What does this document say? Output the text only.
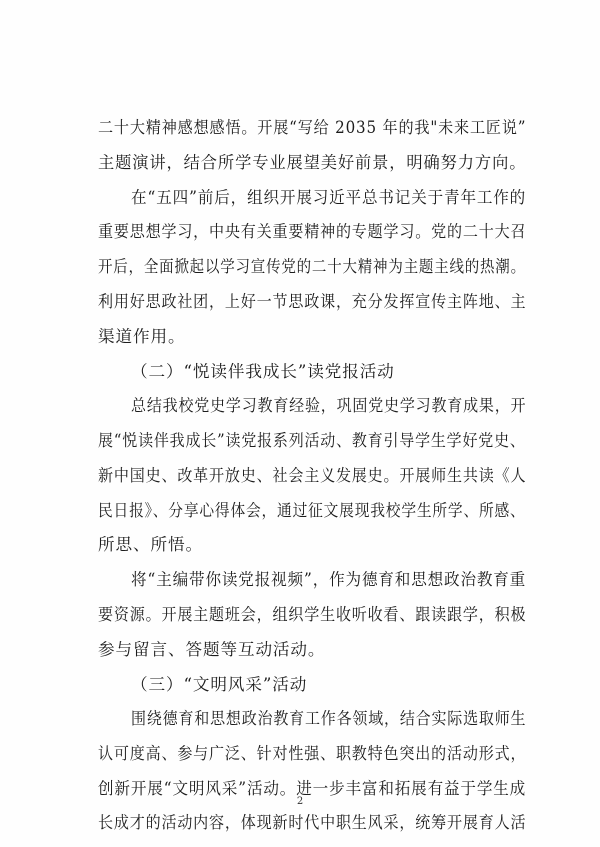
二十大精神感想感悟。开展“写给 2035 年的我"未来工匠说”
主题演讲，结合所学专业展望美好前景，明确努力方向。
在“五四”前后，组织开展习近平总书记关于青年工作的
重要思想学习，中央有关重要精神的专题学习。党的二十大召
开后，全面掀起以学习宣传党的二十大精神为主题主线的热潮。
利用好思政社团，上好一节思政课，充分发挥宣传主阵地、主
渠道作用。
（二）“悦读伴我成长”读党报活动
总结我校党史学习教育经验，巩固党史学习教育成果，开
展“悦读伴我成长”读党报系列活动、教育引导学生学好党史、
新中国史、改革开放史、社会主义发展史。开展师生共读《人
民日报》、分享心得体会，通过征文展现我校学生所学、所感、
所思、所悟。
将“主编带你读党报视频”，作为德育和思想政治教育重
要资源。开展主题班会，组织学生收听收看、跟读跟学，积极
参与留言、答题等互动活动。
（三）“文明风采”活动
围绕德育和思想政治教育工作各领域，结合实际选取师生
认可度高、参与广泛、针对性强、职教特色突出的活动形式，
创新开展“文明风采”活动。进一步丰富和拓展有益于学生成
长成才的活动内容，体现新时代中职生风采，统筹开展育人活
2
